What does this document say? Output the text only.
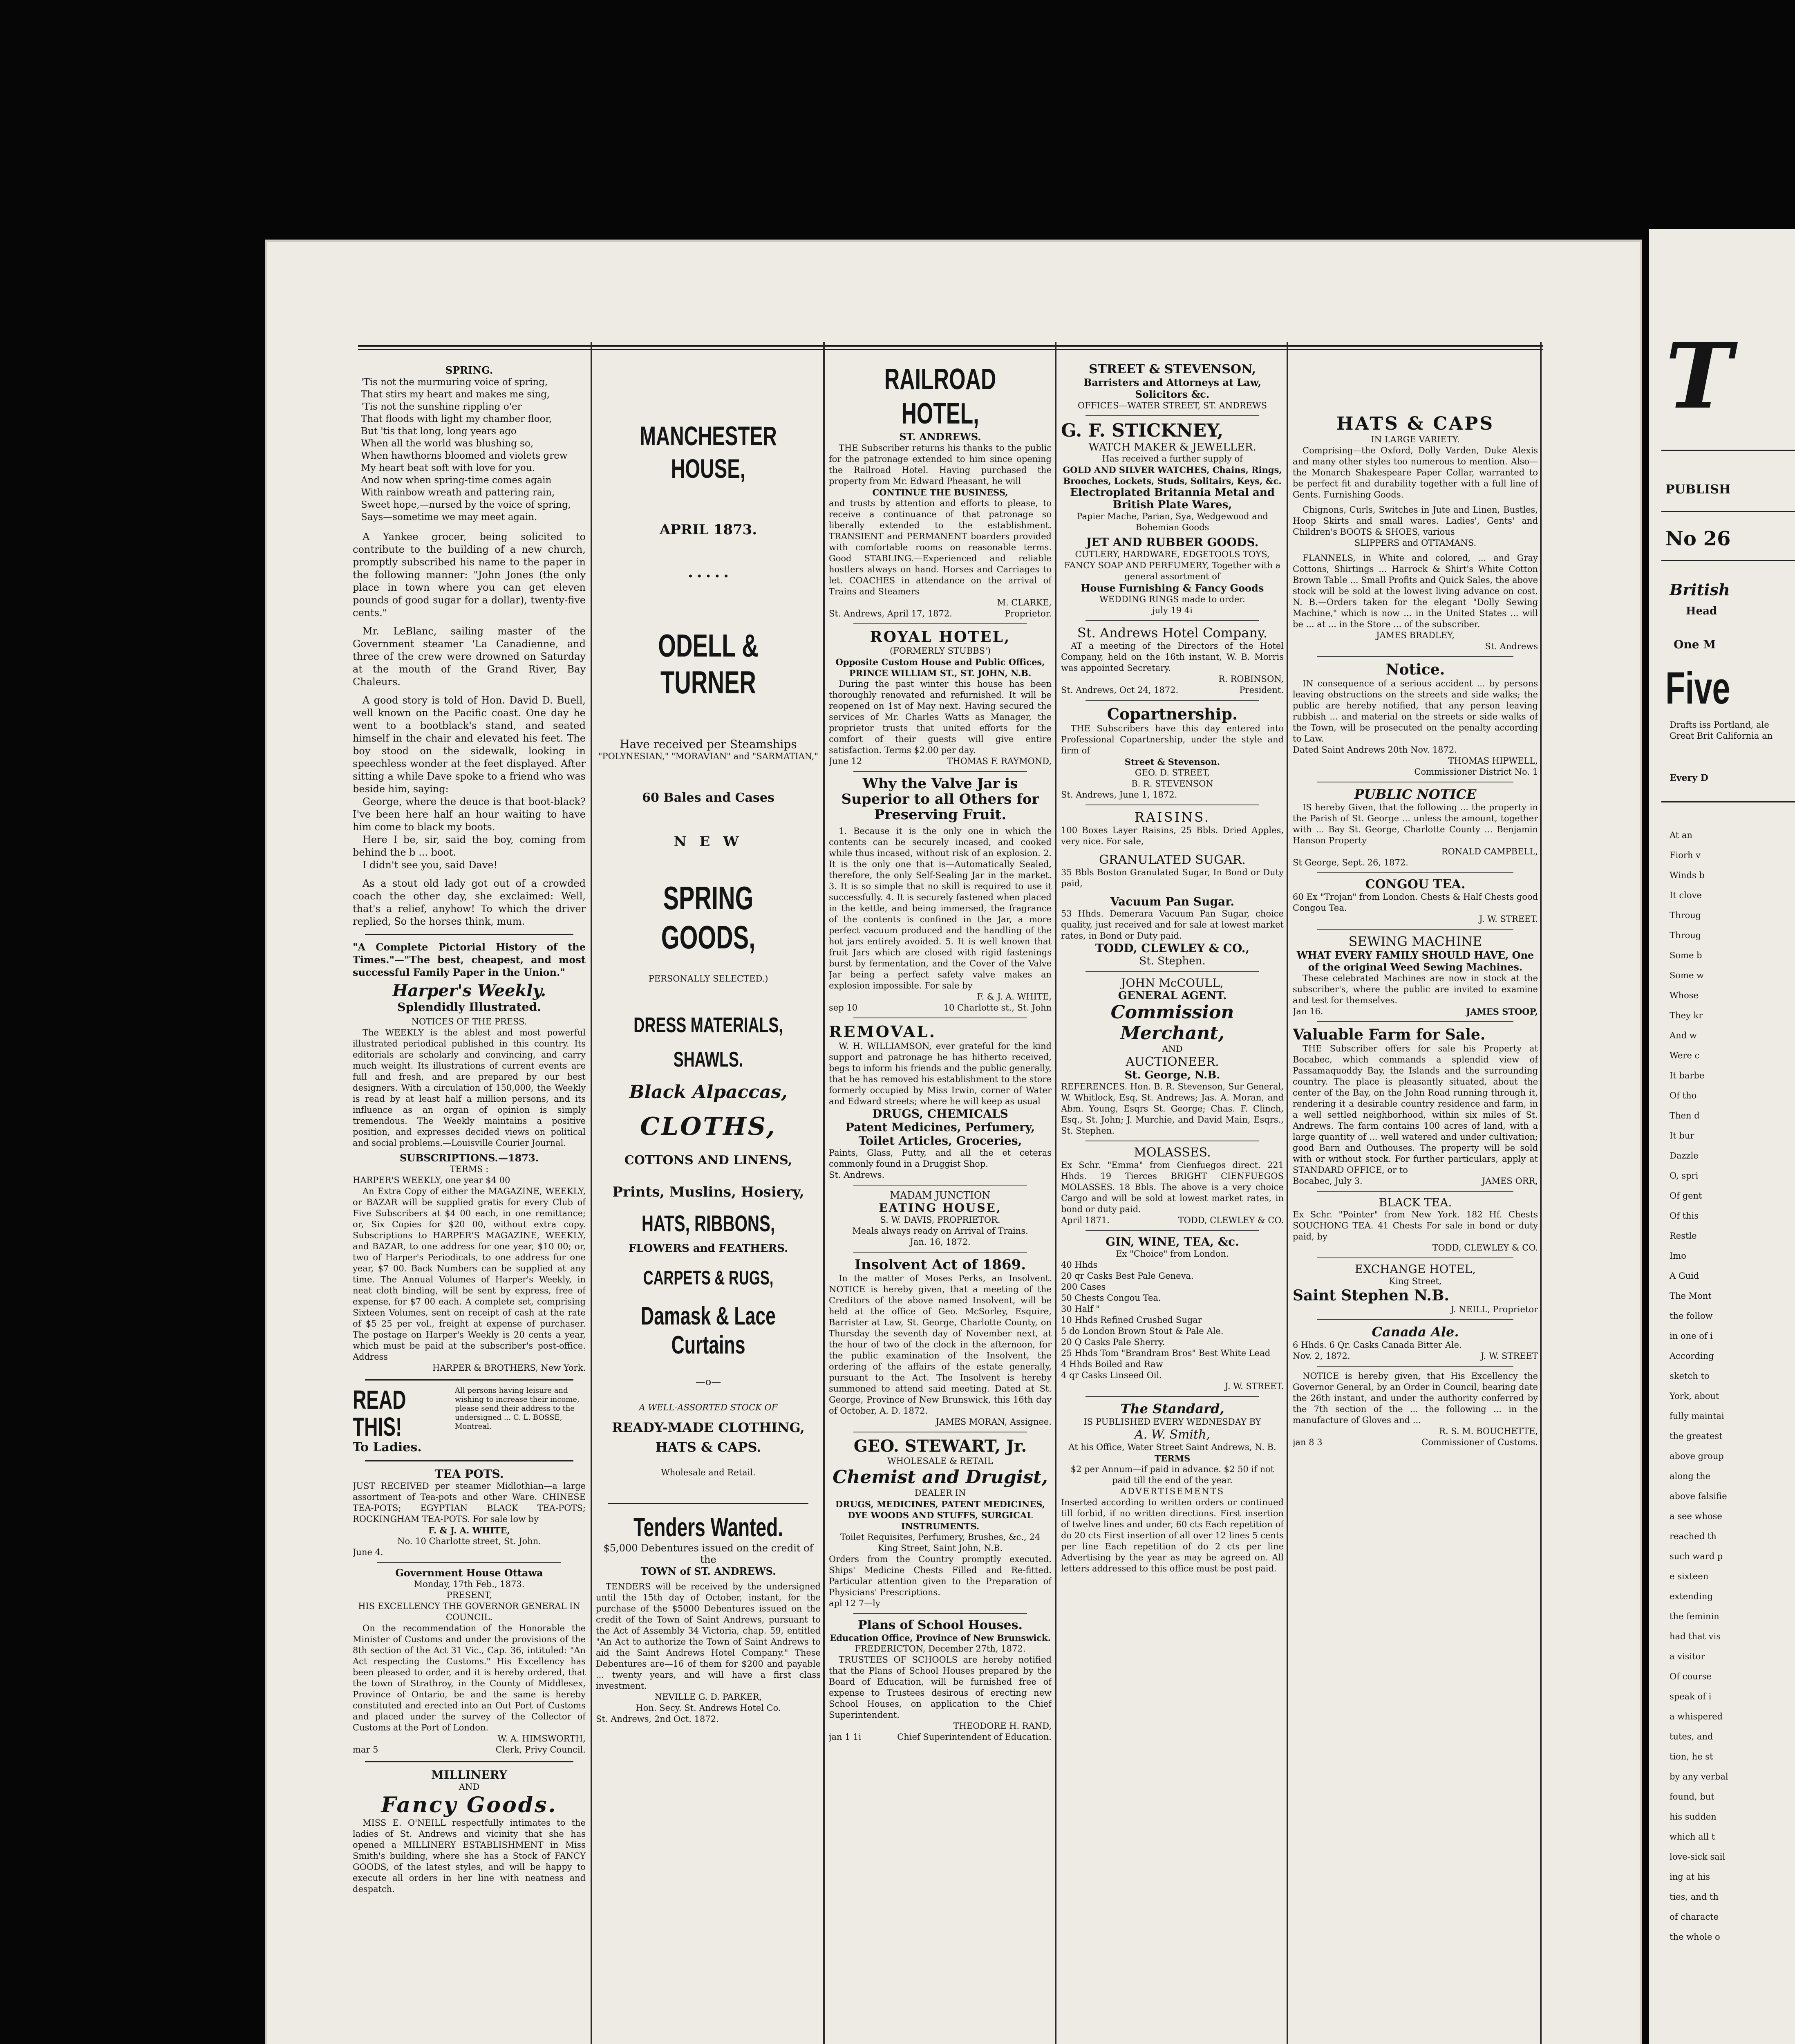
SPRING.

'Tis not the murmuring voice of spring,

That stirs my heart and makes me sing,

'Tis not the sunshine rippling o'er

That floods with light my chamber floor,

But 'tis that long, long years ago

When all the world was blushing so,

When hawthorns bloomed and violets grew

My heart beat soft with love for you.

And now when spring-time comes again

With rainbow wreath and pattering rain,

Sweet hope,—nursed by the voice of spring,

Says—sometime we may meet again.

A Yankee grocer, being solicited to contribute to the building of a new church, promptly subscribed his name to the paper in the following manner: "John Jones (the only place in town where you can get eleven pounds of good sugar for a dollar), twenty-five cents."

Mr. LeBlanc, sailing master of the Government steamer 'La Canadienne, and three of the crew were drowned on Saturday at the mouth of the Grand River, Bay Chaleurs.

A good story is told of Hon. David D. Buell, well known on the Pacific coast. One day he went to a bootblack's stand, and seated himself in the chair and elevated his feet. The boy stood on the sidewalk, looking in speechless wonder at the feet displayed. After sitting a while Dave spoke to a friend who was beside him, saying:

George, where the deuce is that boot-black? I've been here half an hour waiting to have him come to black my boots.

Here I be, sir, said the boy, coming from behind the b ... boot.

I didn't see you, said Dave!

As a stout old lady got out of a crowded coach the other day, she exclaimed: Well, that's a relief, anyhow! To which the driver replied, So the horses think, mum.

"A Complete Pictorial History of the Times."—"The best, cheapest, and most successful Family Paper in the Union."

Harper's Weekly.

Splendidly Illustrated.

NOTICES OF THE PRESS.

The WEEKLY is the ablest and most powerful illustrated periodical published in this country. Its editorials are scholarly and convincing, and carry much weight. Its illustrations of current events are full and fresh, and are prepared by our best designers. With a circulation of 150,000, the Weekly is read by at least half a million persons, and its influence as an organ of opinion is simply tremendous. The Weekly maintains a positive position, and expresses decided views on political and social problems.—Louisville Courier Journal.

SUBSCRIPTIONS.—1873.

TERMS :

HARPER'S WEEKLY, one year $4 00

An Extra Copy of either the MAGAZINE, WEEKLY, or BAZAR will be supplied gratis for every Club of Five Subscribers at $4 00 each, in one remittance; or, Six Copies for $20 00, without extra copy. Subscriptions to HARPER'S MAGAZINE, WEEKLY, and BAZAR, to one address for one year, $10 00; or, two of Harper's Periodicals, to one address for one year, $7 00. Back Numbers can be supplied at any time. The Annual Volumes of Harper's Weekly, in neat cloth binding, will be sent by express, free of expense, for $7 00 each. A complete set, comprising Sixteen Volumes, sent on receipt of cash at the rate of $5 25 per vol., freight at expense of purchaser. The postage on Harper's Weekly is 20 cents a year, which must be paid at the subscriber's post-office. Address

HARPER & BROTHERS, New York.

READ THIS!

To Ladies.

All persons having leisure and wishing to increase their income, please send their address to the undersigned ... C. L. BOSSE, Montreal.

TEA POTS.

JUST RECEIVED per steamer Midlothian—a large assortment of Tea-pots and other Ware. CHINESE TEA-POTS; EGYPTIAN BLACK TEA-POTS; ROCKINGHAM TEA-POTS. For sale low by

F. & J. A. WHITE,

No. 10 Charlotte street, St. John.

June 4.

Government House Ottawa

Monday, 17th Feb., 1873.

PRESENT,

HIS EXCELLENCY THE GOVERNOR GENERAL IN COUNCIL.

On the recommendation of the Honorable the Minister of Customs and under the provisions of the 8th section of the Act 31 Vic., Cap. 36, intituled: "An Act respecting the Customs." His Excellency has been pleased to order, and it is hereby ordered, that the town of Strathroy, in the County of Middlesex, Province of Ontario, be and the same is hereby constituted and erected into an Out Port of Customs and placed under the survey of the Collector of Customs at the Port of London.

W. A. HIMSWORTH,

mar 5	Clerk, Privy Council.

MILLINERY

AND

Fancy Goods.

MISS E. O'NEILL respectfully intimates to the ladies of St. Andrews and vicinity that she has opened a MILLINERY ESTABLISHMENT in Miss Smith's building, where she has a Stock of FANCY GOODS, of the latest styles, and will be happy to execute all orders in her line with neatness and despatch.

MANCHESTER HOUSE,

APRIL 1873.

• • • • •

ODELL & TURNER

Have received per Steamships

"POLYNESIAN," "MORAVIAN" and "SARMATIAN,"

60 Bales and Cases

N E W

SPRING GOODS,

PERSONALLY SELECTED.)

DRESS MATERIALS,

SHAWLS.

Black Alpaccas,

CLOTHS,

COTTONS AND LINENS,

Prints, Muslins, Hosiery,

HATS, RIBBONS,

FLOWERS and FEATHERS.

CARPETS & RUGS,

Damask & Lace Curtains

—o—

A WELL-ASSORTED STOCK OF

READY-MADE CLOTHING,

HATS & CAPS.

Wholesale and Retail.

Tenders Wanted.

$5,000 Debentures issued on the credit of the

TOWN of ST. ANDREWS.

TENDERS will be received by the undersigned until the 15th day of October, instant, for the purchase of the $5000 Debentures issued on the credit of the Town of Saint Andrews, pursuant to the Act of Assembly 34 Victoria, chap. 59, entitled "An Act to authorize the Town of Saint Andrews to aid the Saint Andrews Hotel Company." These Debentures are—16 of them for $200 and payable ... twenty years, and will have a first class investment.

NEVILLE G. D. PARKER,

Hon. Secy. St. Andrews Hotel Co.

St. Andrews, 2nd Oct. 1872.

RAILROAD HOTEL,

ST. ANDREWS.

THE Subscriber returns his thanks to the public for the patronage extended to him since opening the Railroad Hotel. Having purchased the property from Mr. Edward Pheasant, he will

CONTINUE THE BUSINESS,

and trusts by attention and efforts to please, to receive a continuance of that patronage so liberally extended to the establishment. TRANSIENT and PERMANENT boarders provided with comfortable rooms on reasonable terms. Good STABLING.—Experienced and reliable hostlers always on hand. Horses and Carriages to let. COACHES in attendance on the arrival of Trains and Steamers

M. CLARKE,

St. Andrews, April 17, 1872.	Proprietor.

ROYAL HOTEL,

(FORMERLY STUBBS')

Opposite Custom House and Public Offices, PRINCE WILLIAM ST., ST. JOHN, N.B.

During the past winter this house has been thoroughly renovated and refurnished. It will be reopened on 1st of May next. Having secured the services of Mr. Charles Watts as Manager, the proprietor trusts that united efforts for the comfort of their guests will give entire satisfaction. Terms $2.00 per day.

June 12	THOMAS F. RAYMOND,

Why the Valve Jar is Superior to all Others for Preserving Fruit.

1. Because it is the only one in which the contents can be securely incased, and cooked while thus incased, without risk of an explosion. 2. It is the only one that is—Automatically Sealed, therefore, the only Self-Sealing Jar in the market. 3. It is so simple that no skill is required to use it successfully. 4. It is securely fastened when placed in the kettle, and being immersed, the fragrance of the contents is confined in the Jar, a more perfect vacuum produced and the handling of the hot jars entirely avoided. 5. It is well known that fruit Jars which are closed with rigid fastenings burst by fermentation, and the Cover of the Valve Jar being a perfect safety valve makes an explosion impossible. For sale by

F. & J. A. WHITE,

sep 10	10 Charlotte st., St. John

REMOVAL.

W. H. WILLIAMSON, ever grateful for the kind support and patronage he has hitherto received, begs to inform his friends and the public generally, that he has removed his establishment to the store formerly occupied by Miss Irwin, corner of Water and Edward streets; where he will keep as usual

DRUGS, CHEMICALS

Patent Medicines, Perfumery,

Toilet Articles, Groceries,

Paints, Glass, Putty, and all the et ceteras commonly found in a Druggist Shop.

St. Andrews.

MADAM JUNCTION

EATING HOUSE,

S. W. DAVIS, PROPRIETOR.

Meals always ready on Arrival of Trains.

Jan. 16, 1872.

Insolvent Act of 1869.

In the matter of Moses Perks, an Insolvent. NOTICE is hereby given, that a meeting of the Creditors of the above named Insolvent, will be held at the office of Geo. McSorley, Esquire, Barrister at Law, St. George, Charlotte County, on Thursday the seventh day of November next, at the hour of two of the clock in the afternoon, for the public examination of the Insolvent, the ordering of the affairs of the estate generally, pursuant to the Act. The Insolvent is hereby summoned to attend said meeting. Dated at St. George, Province of New Brunswick, this 16th day of October, A. D. 1872.

JAMES MORAN, Assignee.

GEO. STEWART, Jr.

WHOLESALE & RETAIL

Chemist and Drugist,

DEALER IN

DRUGS, MEDICINES, PATENT MEDICINES, DYE WOODS AND STUFFS, SURGICAL INSTRUMENTS.

Toilet Requisites, Perfumery, Brushes, &c., 24 King Street, Saint John, N.B.

Orders from the Country promptly executed. Ships' Medicine Chests Filled and Re-fitted. Particular attention given to the Preparation of Physicians' Prescriptions.

apl 12 7—ly

Plans of School Houses.

Education Office, Province of New Brunswick.

FREDERICTON, December 27th, 1872.

TRUSTEES OF SCHOOLS are hereby notified that the Plans of School Houses prepared by the Board of Education, will be furnished free of expense to Trustees desirous of erecting new School Houses, on application to the Chief Superintendent.

THEODORE H. RAND,

jan 1 1i	Chief Superintendent of Education.

STREET & STEVENSON,

Barristers and Attorneys at Law, Solicitors &c.

OFFICES—WATER STREET, ST. ANDREWS

G. F. STICKNEY,

WATCH MAKER & JEWELLER.

Has received a further supply of

GOLD AND SILVER WATCHES, Chains, Rings, Brooches, Lockets, Studs, Solitairs, Keys, &c.

Electroplated Britannia Metal and British Plate Wares,

Papier Mache, Parian, Sya, Wedgewood and Bohemian Goods

JET AND RUBBER GOODS.

CUTLERY, HARDWARE, EDGETOOLS TOYS, FANCY SOAP AND PERFUMERY, Together with a general assortment of

House Furnishing & Fancy Goods

WEDDING RINGS made to order.

july 19 4i

St. Andrews Hotel Company.

AT a meeting of the Directors of the Hotel Company, held on the 16th instant, W. B. Morris was appointed Secretary.

R. ROBINSON,

St. Andrews, Oct 24, 1872.	President.

Copartnership.

THE Subscribers have this day entered into Professional Copartnership, under the style and firm of

Street & Stevenson.

GEO. D. STREET,

B. R. STEVENSON

St. Andrews, June 1, 1872.

RAISINS.

100 Boxes Layer Raisins, 25 Bbls. Dried Apples, very nice. For sale,

GRANULATED SUGAR.

35 Bbls Boston Granulated Sugar, In Bond or Duty paid,

Vacuum Pan Sugar.

53 Hhds. Demerara Vacuum Pan Sugar, choice quality, just received and for sale at lowest market rates, in Bond or Duty paid.

TODD, CLEWLEY & CO.,

St. Stephen.

JOHN McCOULL,

GENERAL AGENT.

Commission Merchant,

AND

AUCTIONEER.

St. George, N.B.

REFERENCES. Hon. B. R. Stevenson, Sur General, W. Whitlock, Esq, St. Andrews; Jas. A. Moran, and Abm. Young, Esqrs St. George; Chas. F. Clinch, Esq., St. John; J. Murchie, and David Main, Esqrs., St. Stephen.

MOLASSES.

Ex Schr. "Emma" from Cienfuegos direct. 221 Hhds. 19 Tierces BRIGHT CIENFUEGOS MOLASSES. 18 Bbls. The above is a very choice Cargo and will be sold at lowest market rates, in bond or duty paid.

April 1871.	TODD, CLEWLEY & CO.

GIN, WINE, TEA, &c.

Ex "Choice" from London.

40 Hhds

20 qr Casks Best Pale Geneva.

200 Cases

50 Chests Congou Tea.

30 Half "

10 Hhds Refined Crushed Sugar

5 do London Brown Stout & Pale Ale.

20 Q Casks Pale Sherry.

25 Hhds Tom "Brandram Bros" Best White Lead

4 Hhds Boiled and Raw

4 qr Casks Linseed Oil.

J. W. STREET.

The Standard,

IS PUBLISHED EVERY WEDNESDAY BY

A. W. Smith,

At his Office, Water Street Saint Andrews, N. B.

TERMS

$2 per Annum—if paid in advance. $2 50 if not paid till the end of the year.

ADVERTISEMENTS

Inserted according to written orders or continued till forbid, if no written directions. First insertion of twelve lines and under, 60 cts Each repetition of do 20 cts First insertion of all over 12 lines 5 cents per line Each repetition of do 2 cts per line Advertising by the year as may be agreed on. All letters addressed to this office must be post paid.

HATS & CAPS

IN LARGE VARIETY.

Comprising—the Oxford, Dolly Varden, Duke Alexis and many other styles too numerous to mention. Also—the Monarch Shakespeare Paper Collar, warranted to be perfect fit and durability together with a full line of Gents. Furnishing Goods.

Chignons, Curls, Switches in Jute and Linen, Bustles, Hoop Skirts and small wares. Ladies', Gents' and Children's BOOTS & SHOES, various

SLIPPERS and OTTAMANS.

FLANNELS, in White and colored, ... and Gray Cottons, Shirtings ... Harrock & Shirt's White Cotton Brown Table ... Small Profits and Quick Sales, the above stock will be sold at the lowest living advance on cost. N. B.—Orders taken for the elegant "Dolly Sewing Machine," which is now ... in the United States ... will be ... at ... in the Store ... of the subscriber.

JAMES BRADLEY,

St. Andrews

Notice.

IN consequence of a serious accident ... by persons leaving obstructions on the streets and side walks; the public are hereby notified, that any person leaving rubbish ... and material on the streets or side walks of the Town, will be prosecuted on the penalty according to Law.

Dated Saint Andrews 20th Nov. 1872.

THOMAS HIPWELL,

Commissioner District No. 1

PUBLIC NOTICE

IS hereby Given, that the following ... the property in the Parish of St. George ... unless the amount, together with ... Bay St. George, Charlotte County ... Benjamin Hanson Property

RONALD CAMPBELL,

St George, Sept. 26, 1872.

CONGOU TEA.

60 Ex "Trojan" from London. Chests & Half Chests good Congou Tea.

J. W. STREET.

SEWING MACHINE

WHAT EVERY FAMILY SHOULD HAVE, One of the original Weed Sewing Machines.

These celebrated Machines are now in stock at the subscriber's, where the public are invited to examine and test for themselves.

Jan 16.	JAMES STOOP,

Valuable Farm for Sale.

THE Subscriber offers for sale his Property at Bocabec, which commands a splendid view of Passamaquoddy Bay, the Islands and the surrounding country. The place is pleasantly situated, about the center of the Bay, on the John Road running through it, rendering it a desirable country residence and farm, in a well settled neighborhood, within six miles of St. Andrews. The farm contains 100 acres of land, with a large quantity of ... well watered and under cultivation; good Barn and Outhouses. The property will be sold with or without stock. For further particulars, apply at STANDARD OFFICE, or to

Bocabec, July 3.	JAMES ORR,

BLACK TEA.

Ex Schr. "Pointer" from New York. 182 Hf. Chests SOUCHONG TEA. 41 Chests For sale in bond or duty paid, by

TODD, CLEWLEY & CO.

EXCHANGE HOTEL,

King Street,

Saint Stephen N.B.

J. NEILL, Proprietor

Canada Ale.

6 Hhds. 6 Qr. Casks Canada Bitter Ale.

Nov. 2, 1872.	J. W. STREET

NOTICE is hereby given, that His Excellency the Governor General, by an Order in Council, bearing date the 26th instant, and under the authority conferred by the 7th section of the ... the following ... in the manufacture of Gloves and ...

R. S. M. BOUCHETTE,

jan 8 3	Commissioner of Customs.

T

PUBLISH

No 26

British

Head

One M

Five

Drafts iss Portland, ale Great Brit California an

Every D

At an

Fiorh v

Winds b

It clove

Throug

Throug

Some b

Some w

Whose

They kr

And w

Were c

It barbe

Of tho

Then d

It bur

Dazzle

O, spri

Of gent

Of this

Restle

Imo

A Guid

The Mont

the follow

in one of i

According

sketch to

York, about

fully maintai

the greatest

above group

along the

above falsifie

a see whose

reached th

such ward p

e sixteen

extending

the feminin

had that vis

a visitor

Of course

speak of i

a whispered

tutes, and

tion, he st

by any verbal

found, but

his sudden

which all t

love-sick sail

ing at his

ties, and th

of characte

the whole o
